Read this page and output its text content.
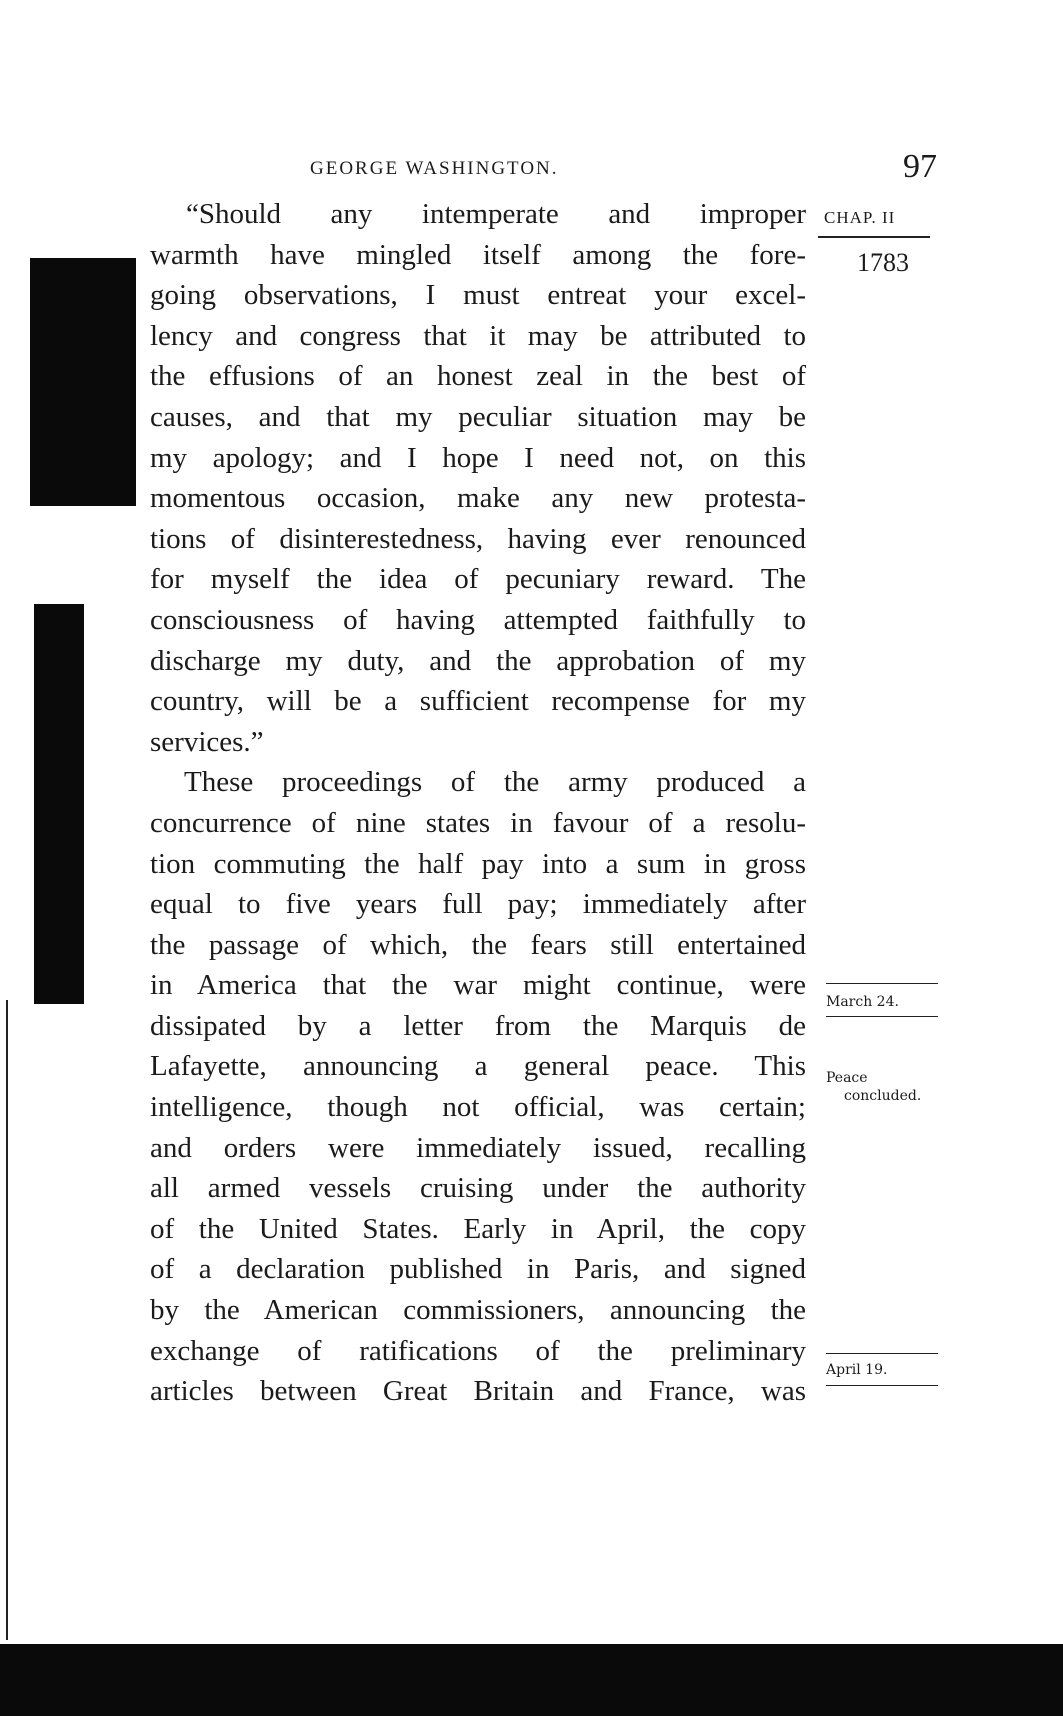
GEORGE WASHINGTON.	97
CHAP. II
1783
March 24.
Peace
concluded.
April 19.
“Should any intemperate and improper
warmth have mingled itself among the fore-
going observations, I must entreat your excel-
lency and congress that it may be attributed to
the effusions of an honest zeal in the best of
causes, and that my peculiar situation may be
my apology; and I hope I need not, on this
momentous occasion, make any new protesta-
tions of disinterestedness, having ever renounced
for myself the idea of pecuniary reward. The
consciousness of having attempted faithfully to
discharge my duty, and the approbation of my
country, will be a sufficient recompense for my
services.”
These proceedings of the army produced a
concurrence of nine states in favour of a resolu-
tion commuting the half pay into a sum in gross
equal to five years full pay; immediately after
the passage of which, the fears still entertained
in America that the war might continue, were
dissipated by a letter from the Marquis de
Lafayette, announcing a general peace. This
intelligence, though not official, was certain;
and orders were immediately issued, recalling
all armed vessels cruising under the authority
of the United States. Early in April, the copy
of a declaration published in Paris, and signed
by the American commissioners, announcing the
exchange of ratifications of the preliminary
articles between Great Britain and France, was
